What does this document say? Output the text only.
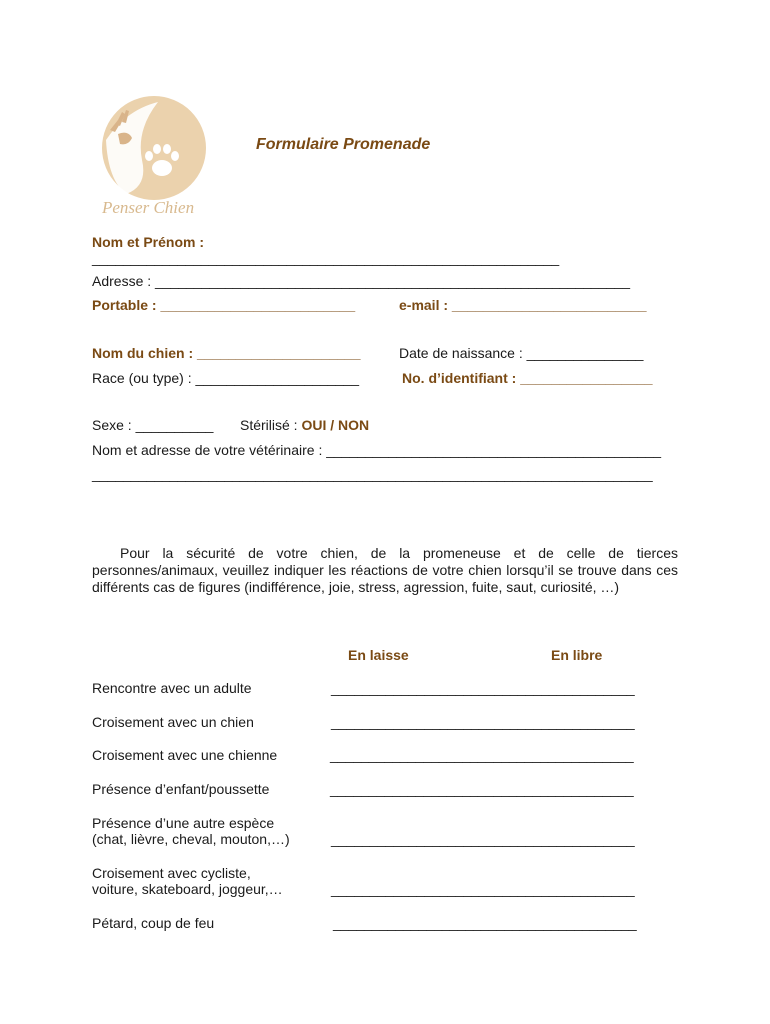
Penser Chien
Formulaire Promenade
Nom et Prénom :
____________________________________________________________
Adresse : _____________________________________________________________
Portable : _________________________	e-mail : _________________________
Nom du chien : _____________________	Date de naissance : _______________
Race (ou type) : _____________________	No. d’identifiant : _________________
Sexe : __________ Stérilisé : OUI / NON
Nom et adresse de votre vétérinaire : ___________________________________________
________________________________________________________________________
Pour la sécurité de votre chien, de la promeneuse et de celle de tierces personnes/animaux, veuillez indiquer les réactions de votre chien lorsqu’il se trouve dans ces différents cas de figures (indifférence, joie, stress, agression, fuite, saut, curiosité, …)
En laisse	En libre
Rencontre avec un adulte	_______________________________________
Croisement avec un chien	_______________________________________
Croisement avec une chienne	_______________________________________
Présence d’enfant/poussette	_______________________________________
Présence d’une autre espèce
(chat, lièvre, cheval, mouton,…)	_______________________________________
Croisement avec cycliste,
voiture, skateboard, joggeur,…	_______________________________________
Pétard, coup de feu	_______________________________________
